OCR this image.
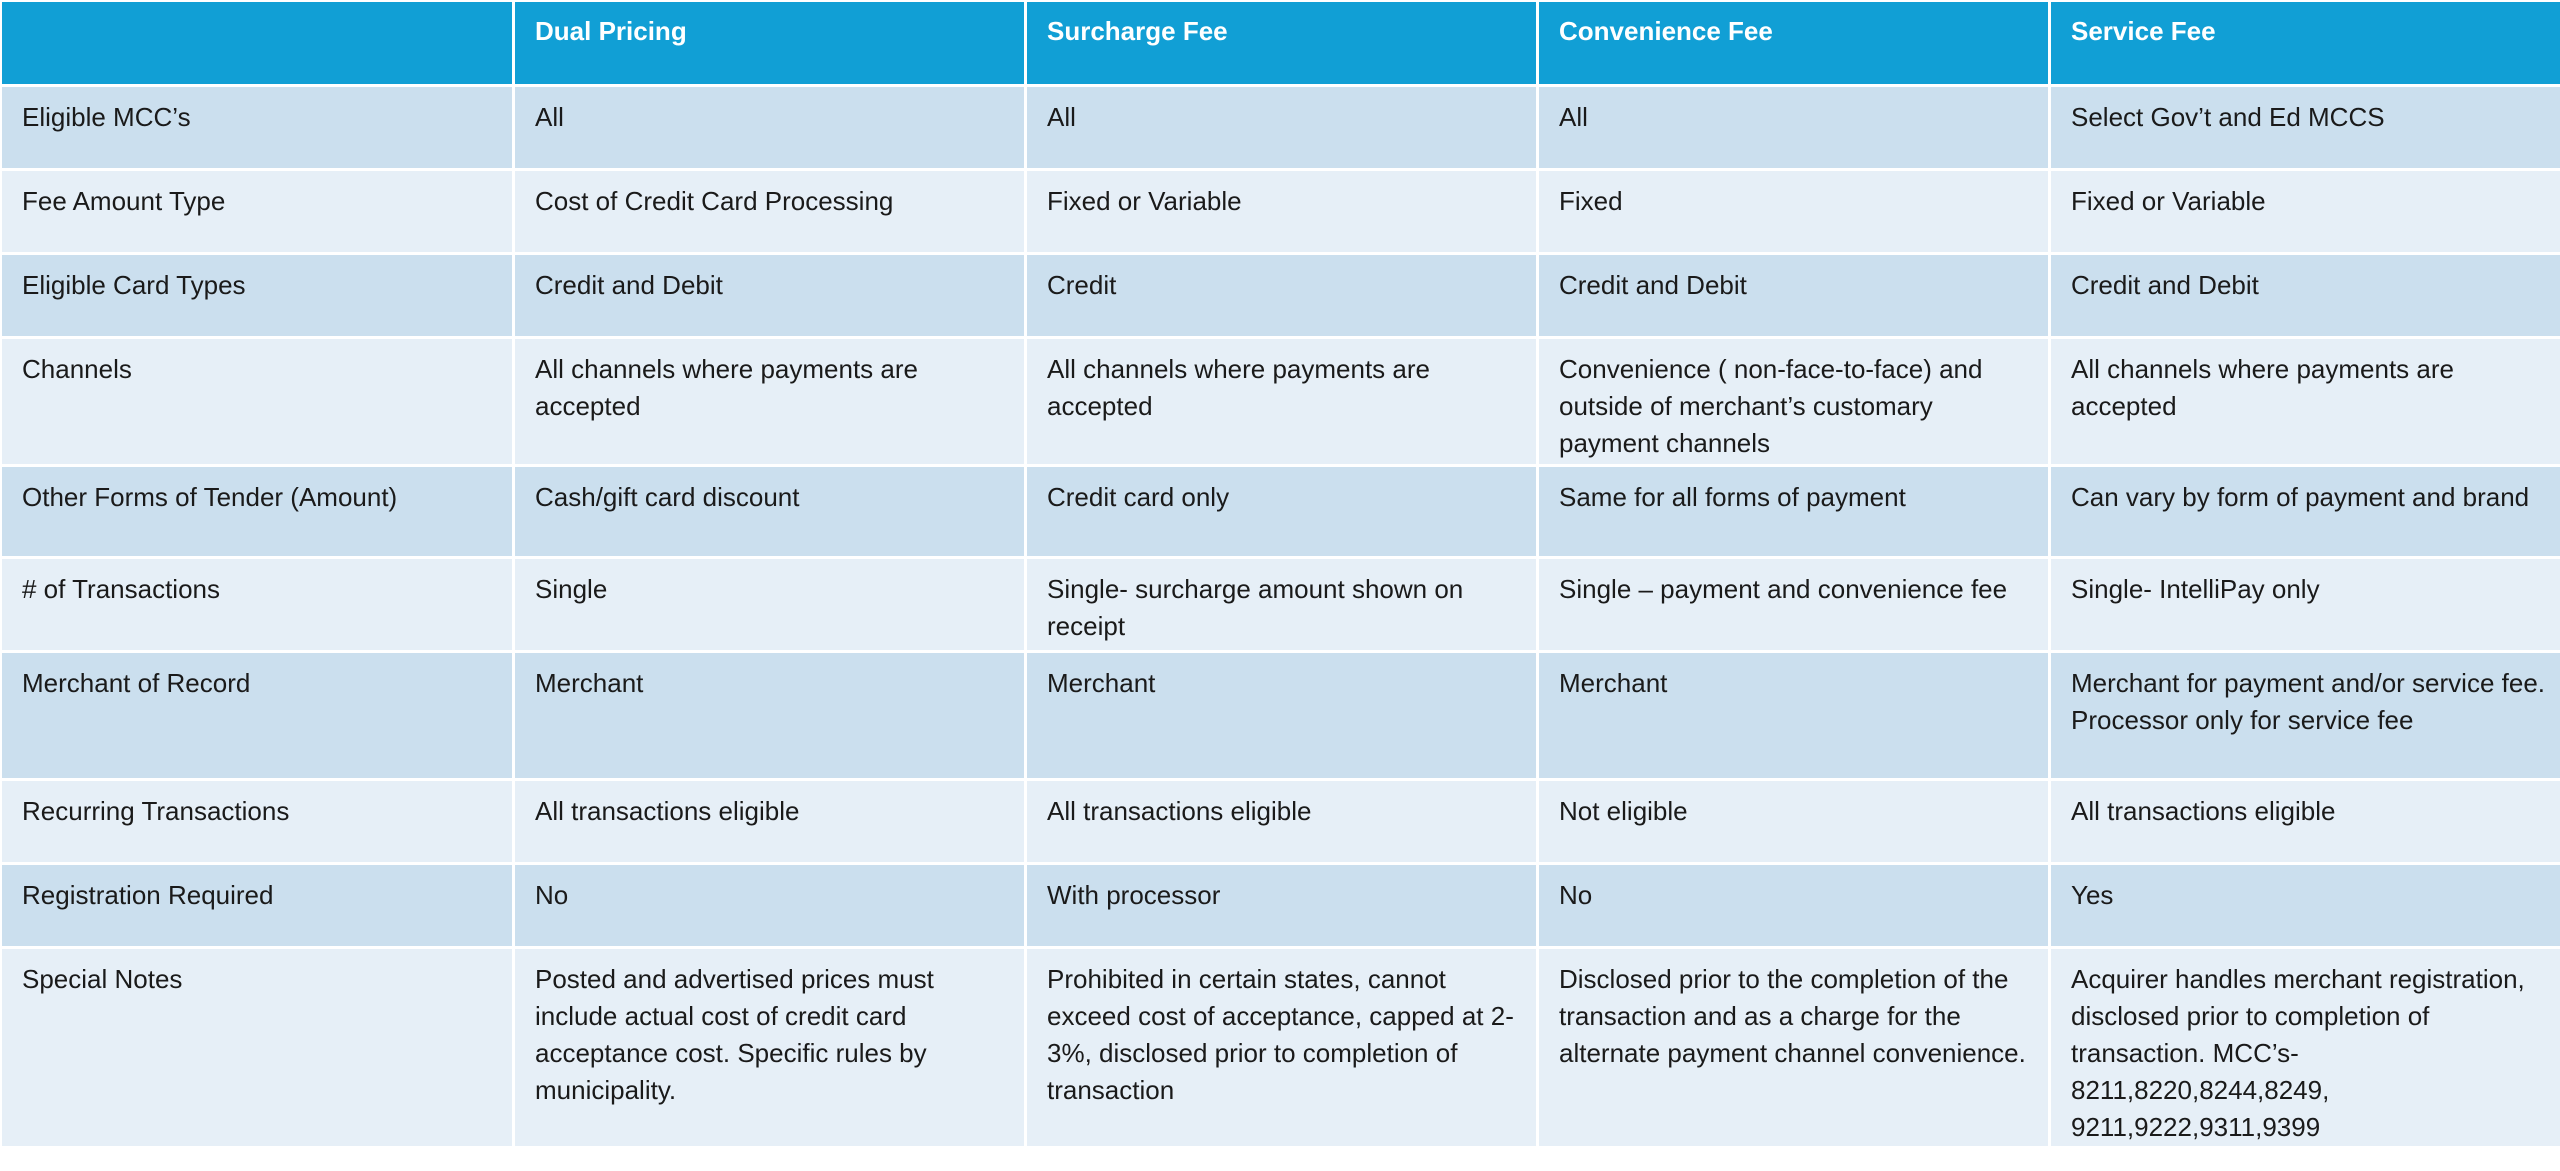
	Dual Pricing	Surcharge Fee	Convenience Fee	Service Fee
Eligible MCC’s	All	All	All	Select Gov’t and Ed MCCS
Fee Amount Type	Cost of Credit Card Processing	Fixed or Variable	Fixed	Fixed or Variable
Eligible Card Types	Credit and Debit	Credit	Credit and Debit	Credit and Debit
Channels	All channels where payments are accepted	All channels where payments are accepted	Convenience ( non-face-to-face) and outside of merchant’s customary payment channels	All channels where payments are accepted
Other Forms of Tender (Amount)	Cash/gift card discount	Credit card only	Same for all forms of payment	Can vary by form of payment and brand
# of Transactions	Single	Single- surcharge amount shown on receipt	Single – payment and convenience fee	Single- IntelliPay only
Merchant of Record	Merchant	Merchant	Merchant	Merchant for payment and/or service fee. Processor only for service fee
Recurring Transactions	All transactions eligible	All transactions eligible	Not eligible	All transactions eligible
Registration Required	No	With processor	No	Yes
Special Notes	Posted and advertised prices must include actual cost of credit card acceptance cost. Specific rules by municipality.	Prohibited in certain states, cannot exceed cost of acceptance, capped at 2-3%, disclosed prior to completion of transaction	Disclosed prior to the completion of the transaction and as a charge for the alternate payment channel convenience.	Acquirer handles merchant registration, disclosed prior to completion of transaction. MCC’s- 8211,8220,8244,8249, 9211,9222,9311,9399
